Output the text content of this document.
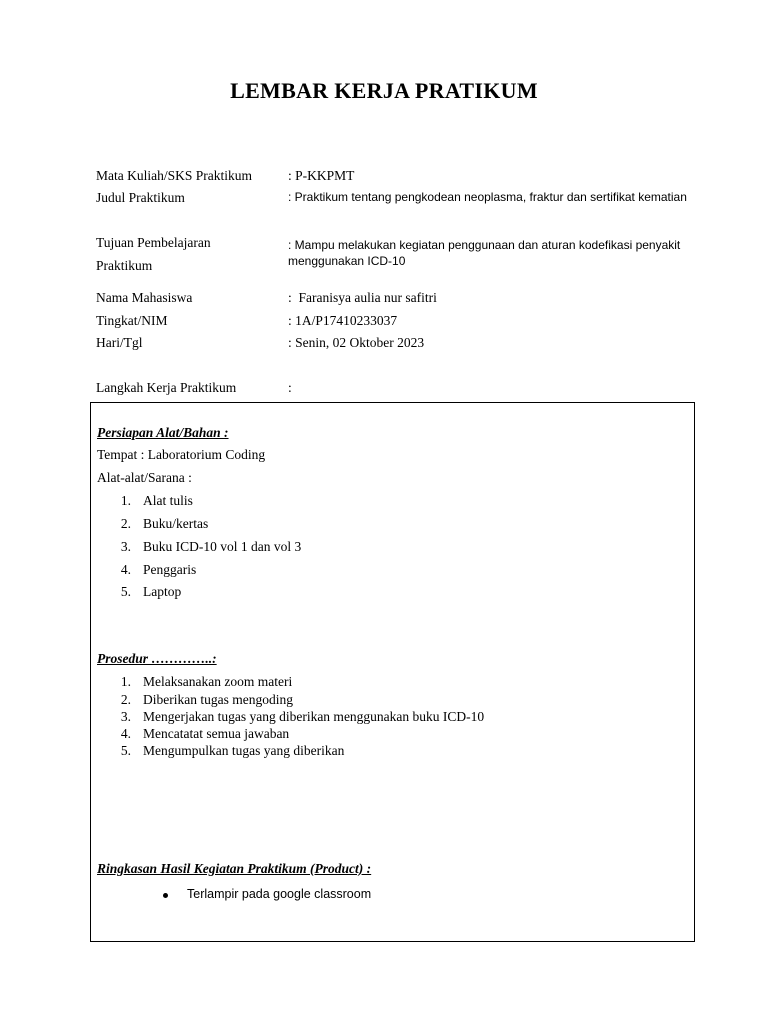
LEMBAR KERJA PRATIKUM
Mata Kuliah/SKS Praktikum	: P-KKPMT
Judul Praktikum	: Praktikum tentang pengkodean neoplasma, fraktur dan sertifikat kematian
Tujuan Pembelajaran
Praktikum
: Mampu melakukan kegiatan penggunaan dan aturan kodefikasi penyakit menggunakan ICD-10
Nama Mahasiswa	:  Faranisya aulia nur safitri
Tingkat/NIM	: 1A/P17410233037
Hari/Tgl	: Senin, 02 Oktober 2023
Langkah Kerja Praktikum	:
Persiapan Alat/Bahan :
Tempat : Laboratorium Coding
Alat-alat/Sarana :
1. Alat tulis
2. Buku/kertas
3. Buku ICD-10 vol 1 dan vol 3
4. Penggaris
5. Laptop
Prosedur …………..:
1. Melaksanakan zoom materi
2. Diberikan tugas mengoding
3. Mengerjakan tugas yang diberikan menggunakan buku ICD-10
4. Mencatatat semua jawaban
5. Mengumpulkan tugas yang diberikan
Ringkasan Hasil Kegiatan Praktikum (Product) :
Terlampir pada google classroom
